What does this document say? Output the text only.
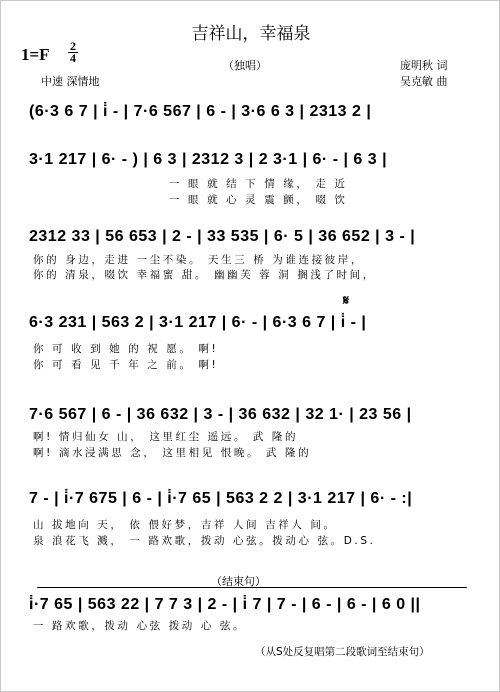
吉祥山，幸福泉
1=F 2
4
中速 深情地
（独唱）	庞明秋 词
吴克敏 曲
(6·3 6 7 | i̇ - | 7·6 567 | 6 - | 3·6 6 3 | 2313 2 |
3·1 217 | 6· - ) | 6 3 | 2312 3 | 2 3·1 | 6· - | 6 3 |
一 眼 就 结 下 情 缘， 走 近
一 眼 就 心 灵 震 颤， 啜 饮
2312 33 | 56 653 | 2 - | 33 535 | 6· 5 | 36 652 | 3 - |
你的 身边，走进 一尘不染。 天生三 桥 为谁连接彼岸，
你的 清泉，啜饮 幸福蜜 甜。 幽幽芙 蓉 洞 搁浅了时间，
𝄋
6·3 231 | 563 2 | 3·1 217 | 6· - | 6·3 6 7 | i̇ - |
你 可 收 到 她 的 祝 愿。 啊!
你 可 看 见 千 年 之 前。 啊!
7·6 567 | 6 - | 36 632 | 3 - | 36 632 | 32 1· | 23 56 |
啊! 情归仙女 山， 这里红尘 遥远。 武 隆的
啊! 滴水浸满思 念， 这里相见 恨晚。 武 隆的
7 - | i̇·7 675 | 6 - | i̇·7 65 | 563 2 2 | 3·1 217 | 6· - :|
山 拔地向 天， 依 偎好梦，吉祥 人间 吉祥人 间。
泉 浪花飞 溅， 一 路欢歌，拨动 心弦。拨动心 弦。D.S.
（结束句）
i̇·7 65 | 563 22 | 7 7 3 | 2 - | i̇ 7 | 7 - | 6 - | 6 - | 6 0 ||
一 路欢歌，拨动 心弦 拨动 心 弦。
（从S处反复唱第二段歌词至结束句）
